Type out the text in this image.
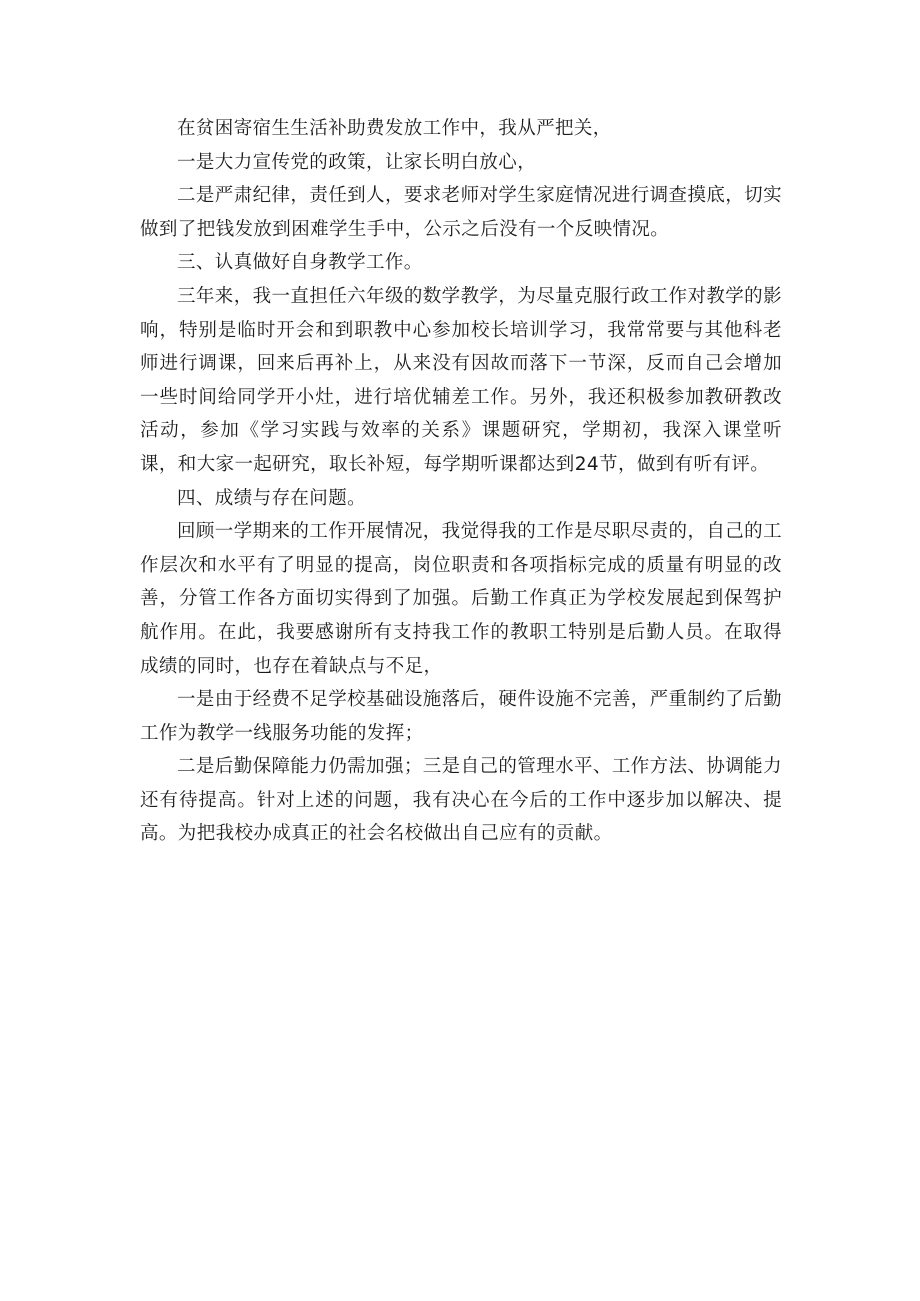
在贫困寄宿生生活补助费发放工作中，我从严把关，

一是大力宣传党的政策，让家长明白放心，

二是严肃纪律，责任到人，要求老师对学生家庭情况进行调查摸底，切实做到了把钱发放到困难学生手中，公示之后没有一个反映情况。

三、认真做好自身教学工作。

三年来，我一直担任六年级的数学教学，为尽量克服行政工作对教学的影响，特别是临时开会和到职教中心参加校长培训学习，我常常要与其他科老师进行调课，回来后再补上，从来没有因故而落下一节深，反而自己会增加一些时间给同学开小灶，进行培优辅差工作。另外，我还积极参加教研教改活动，参加《学习实践与效率的关系》课题研究，学期初，我深入课堂听课，和大家一起研究，取长补短，每学期听课都达到24节，做到有听有评。

四、成绩与存在问题。

回顾一学期来的工作开展情况，我觉得我的工作是尽职尽责的，自己的工作层次和水平有了明显的提高，岗位职责和各项指标完成的质量有明显的改善，分管工作各方面切实得到了加强。后勤工作真正为学校发展起到保驾护航作用。在此，我要感谢所有支持我工作的教职工特别是后勤人员。在取得成绩的同时，也存在着缺点与不足，

一是由于经费不足学校基础设施落后，硬件设施不完善，严重制约了后勤工作为教学一线服务功能的发挥；

二是后勤保障能力仍需加强；三是自己的管理水平、工作方法、协调能力还有待提高。针对上述的问题，我有决心在今后的工作中逐步加以解决、提高。为把我校办成真正的社会名校做出自己应有的贡献。
